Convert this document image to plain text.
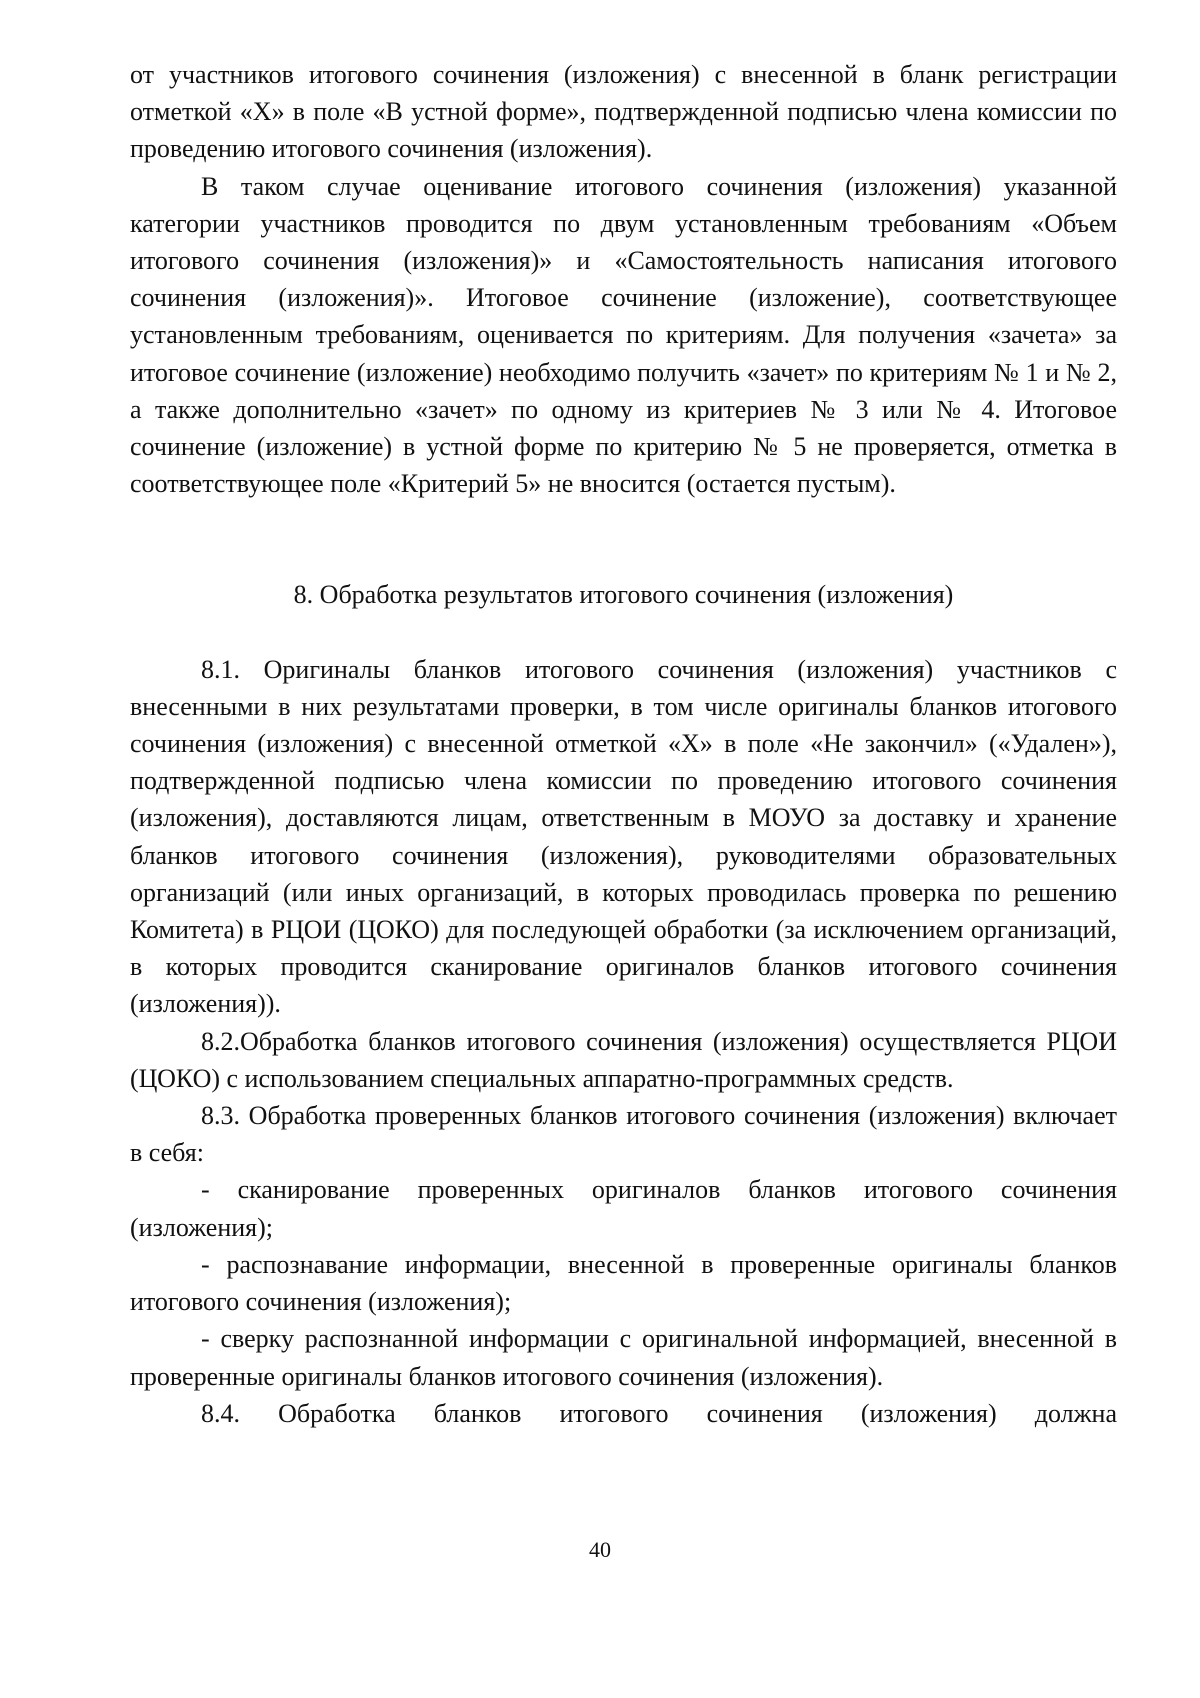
от участников итогового сочинения (изложения) с внесенной в бланк регистрации отметкой «X» в поле «В устной форме», подтвержденной подписью члена комиссии по проведению итогового сочинения (изложения).

В таком случае оценивание итогового сочинения (изложения) указанной категории участников проводится по двум установленным требованиям «Объем итогового сочинения (изложения)» и «Самостоятельность написания итогового сочинения (изложения)». Итоговое сочинение (изложение), соответствующее установленным требованиям, оценивается по критериям. Для получения «зачета» за итоговое сочинение (изложение) необходимо получить «зачет» по критериям № 1 и № 2, а также дополнительно «зачет» по одному из критериев № 3 или № 4. Итоговое сочинение (изложение) в устной форме по критерию № 5 не проверяется, отметка в соответствующее поле «Критерий 5» не вносится (остается пустым).

8. Обработка результатов итогового сочинения (изложения)

8.1. Оригиналы бланков итогового сочинения (изложения) участников с внесенными в них результатами проверки, в том числе оригиналы бланков итогового сочинения (изложения) с внесенной отметкой «X» в поле «Не закончил» («Удален»), подтвержденной подписью члена комиссии по проведению итогового сочинения (изложения), доставляются лицам, ответственным в МОУО за доставку и хранение бланков итогового сочинения (изложения), руководителями образовательных организаций (или иных организаций, в которых проводилась проверка по решению Комитета) в РЦОИ (ЦОКО) для последующей обработки (за исключением организаций, в которых проводится сканирование оригиналов бланков итогового сочинения (изложения)).

8.2.Обработка бланков итогового сочинения (изложения) осуществляется РЦОИ (ЦОКО) с использованием специальных аппаратно-программных средств.

8.3. Обработка проверенных бланков итогового сочинения (изложения) включает в себя:

- сканирование проверенных оригиналов бланков итогового сочинения (изложения);

- распознавание информации, внесенной в проверенные оригиналы бланков итогового сочинения (изложения);

- сверку распознанной информации с оригинальной информацией, внесенной в проверенные оригиналы бланков итогового сочинения (изложения).

8.4. Обработка бланков итогового сочинения (изложения) должна

40
